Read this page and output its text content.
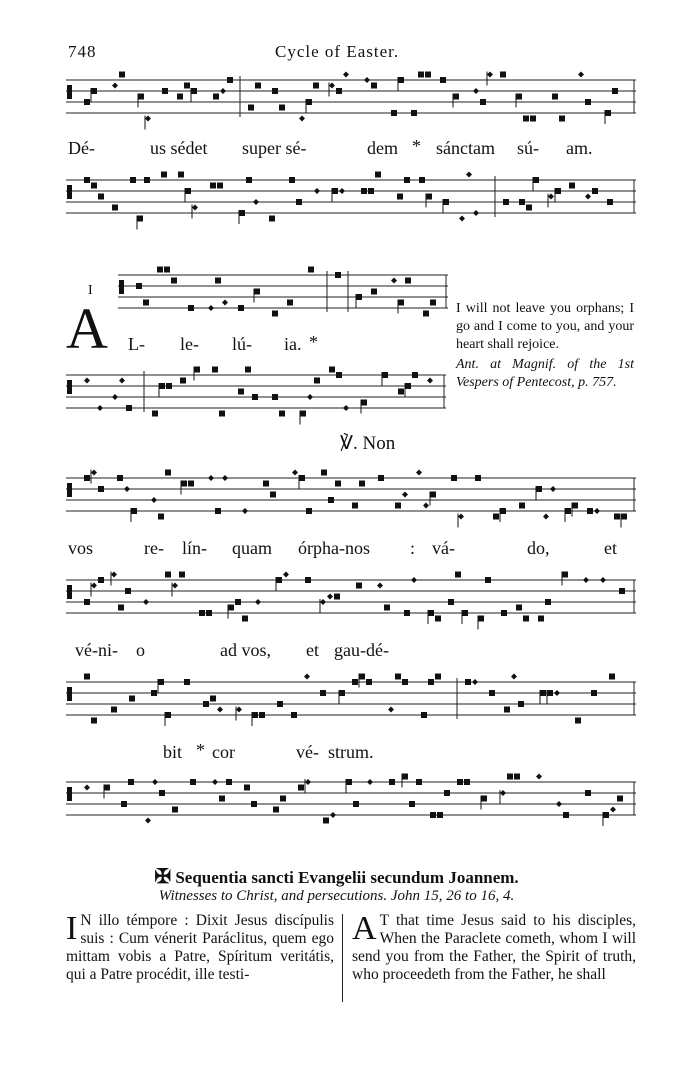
748	Cycle of Easter.
Dé-	us sédet super sé-	dem * sánctam sú- am.
I
A L- le- lú- ia. *

I will not leave you orphans; I go and I come to you, and your heart shall rejoice.

Ant. at Magnif. of the 1st Vespers of Pentecost, p. 757.

℣. Non
vos	re- lín- quam órpha-nos : vá-	do,	et
vé-ni- o	ad vos, et gau-dé-
bit * cor	vé- strum.
✠ Sequentia sancti Evangelii secundum Joannem.
Witnesses to Christ, and persecutions. John 15, 26 to 16, 4.

I N illo témpore : Dixit Jesus discípulis suis : Cum vénerit Paráclitus, quem ego mittam vobis a Patre, Spíritum veritátis, qui a Patre procédit, ille testi-

A T that time Jesus said to his disciples, When the Paraclete cometh, whom I will send you from the Father, the Spirit of truth, who proceedeth from the Father, he shall
